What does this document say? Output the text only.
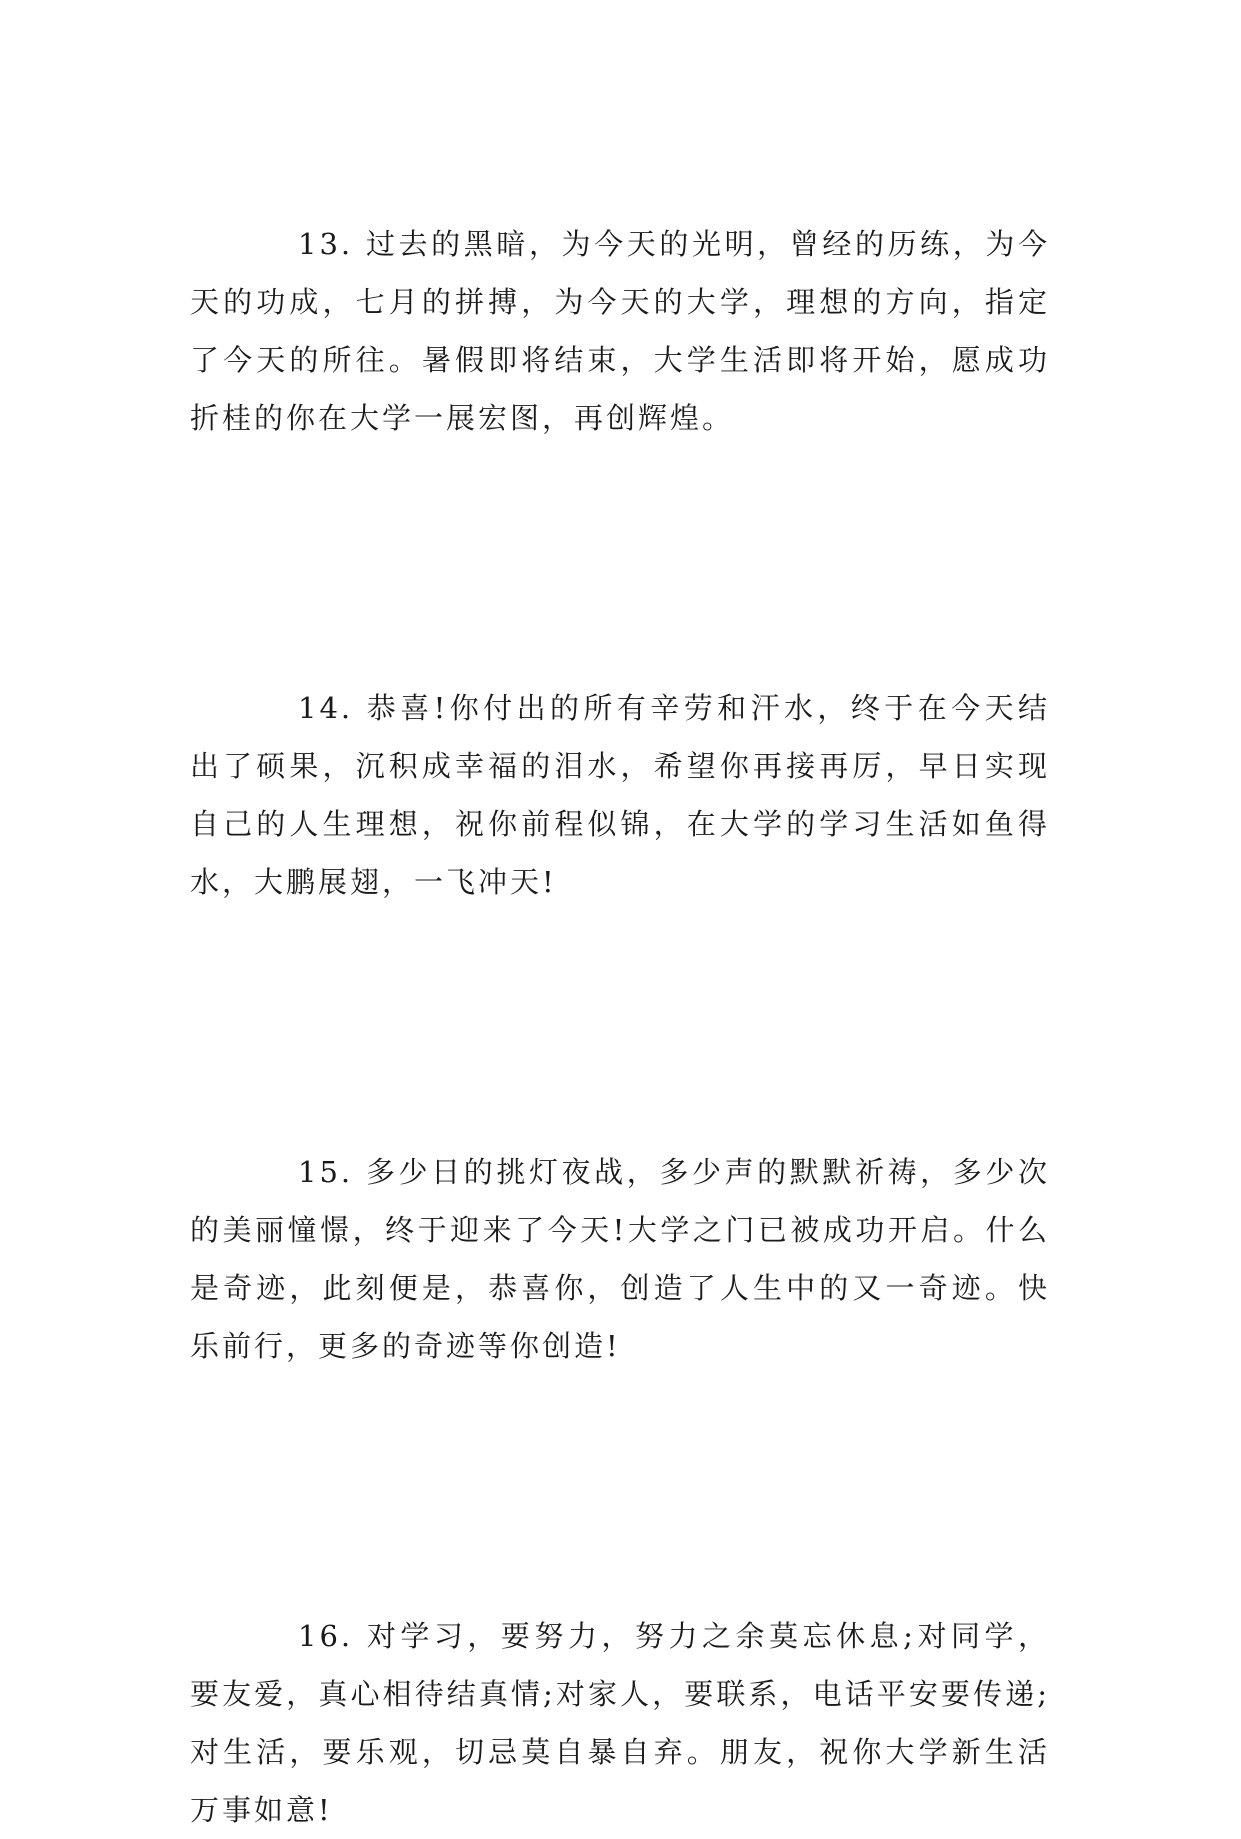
13. 过去的黑暗，为今天的光明，曾经的历练，为今天的功成，七月的拼搏，为今天的大学，理想的方向，指定了今天的所往。暑假即将结束，大学生活即将开始，愿成功折桂的你在大学一展宏图，再创辉煌。

14. 恭喜!你付出的所有辛劳和汗水，终于在今天结出了硕果，沉积成幸福的泪水，希望你再接再厉，早日实现自己的人生理想，祝你前程似锦，在大学的学习生活如鱼得水，大鹏展翅，一飞冲天!

15. 多少日的挑灯夜战，多少声的默默祈祷，多少次的美丽憧憬，终于迎来了今天!大学之门已被成功开启。什么是奇迹，此刻便是，恭喜你，创造了人生中的又一奇迹。快乐前行，更多的奇迹等你创造!

16. 对学习，要努力，努力之余莫忘休息;对同学，要友爱，真心相待结真情;对家人，要联系，电话平安要传递;对生活，要乐观，切忌莫自暴自弃。朋友，祝你大学新生活万事如意!
